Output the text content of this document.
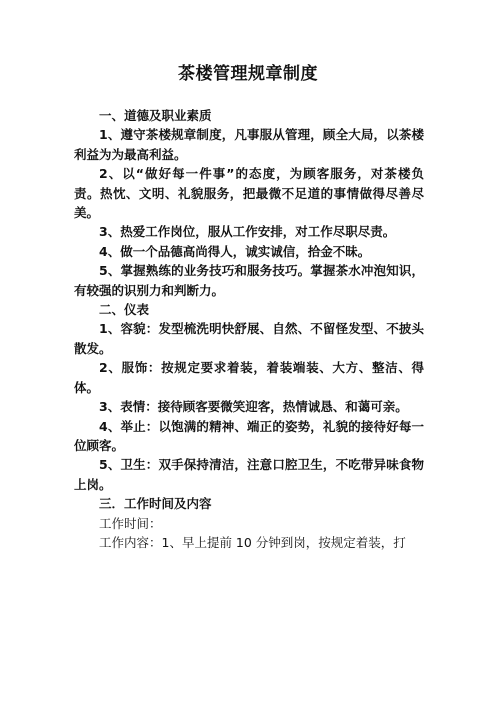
茶楼管理规章制度

一、道德及职业素质

1、遵守茶楼规章制度，凡事服从管理，顾全大局，以茶楼利益为为最高利益。

2、以“做好每一件事”的态度，为顾客服务，对茶楼负责。热忱、文明、礼貌服务，把最微不足道的事情做得尽善尽美。

3、热爱工作岗位，服从工作安排，对工作尽职尽责。

4、做一个品德高尚得人，诚实诚信，拾金不昧。

5、掌握熟练的业务技巧和服务技巧。掌握茶水冲泡知识，有较强的识别力和判断力。

二、仪表

1、容貌：发型梳洗明快舒展、自然、不留怪发型、不披头散发。

2、服饰：按规定要求着装，着装端装、大方、整洁、得体。

3、表情：接待顾客要微笑迎客，热情诚恳、和蔼可亲。

4、举止：以饱满的精神、端正的姿势，礼貌的接待好每一位顾客。

5、卫生：双手保持清洁，注意口腔卫生，不吃带异味食物上岗。

三．工作时间及内容

工作时间：

工作内容：1、早上提前 10 分钟到岗，按规定着装，打
